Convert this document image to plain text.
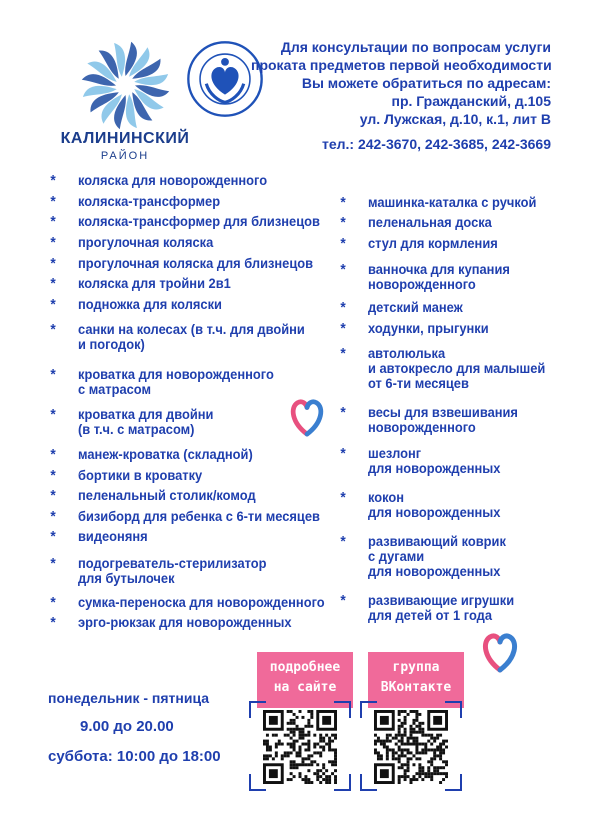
КАЛИНИНСКИЙ
РАЙОН
Для консультации по вопросам услуги
проката предметов первой необходимости
Вы можете обратиться по адресам:
пр. Гражданский, д.105
ул. Лужская, д.10, к.1, лит В
тел.: 242-3670, 242-3685, 242-3669
* коляска для новорожденного
* коляска-трансформер
* коляска-трансформер для близнецов
* прогулочная коляска
* прогулочная коляска для близнецов
* коляска для тройни 2в1
* подножка для коляски
* санки на колесах (в т.ч. для двойни
и погодок)
* кроватка для новорожденного
с матрасом
* кроватка для двойни
(в т.ч. с матрасом)
* манеж-кроватка (складной)
* бортики в кроватку
* пеленальный столик/комод
* бизиборд для ребенка с 6-ти месяцев
* видеоняня
* подогреватель-стерилизатор
для бутылочек
* сумка-переноска для новорожденного
* эрго-рюкзак для новорожденных
* машинка-каталка с ручкой
* пеленальная доска
* стул для кормления
* ванночка для купания
новорожденного
* детский манеж
* ходунки, прыгунки
* автолюлька
и автокресло для малышей
от 6-ти месяцев
* весы для взвешивания
новорожденного
* шезлонг
для новорожденных
* кокон
для новорожденных
* развивающий коврик
с дугами
для новорожденных
* развивающие игрушки
для детей от 1 года
понедельник - пятница
9.00 до 20.00
суббота: 10:00 до 18:00
подробнее
на сайте
группа
ВКонтакте
